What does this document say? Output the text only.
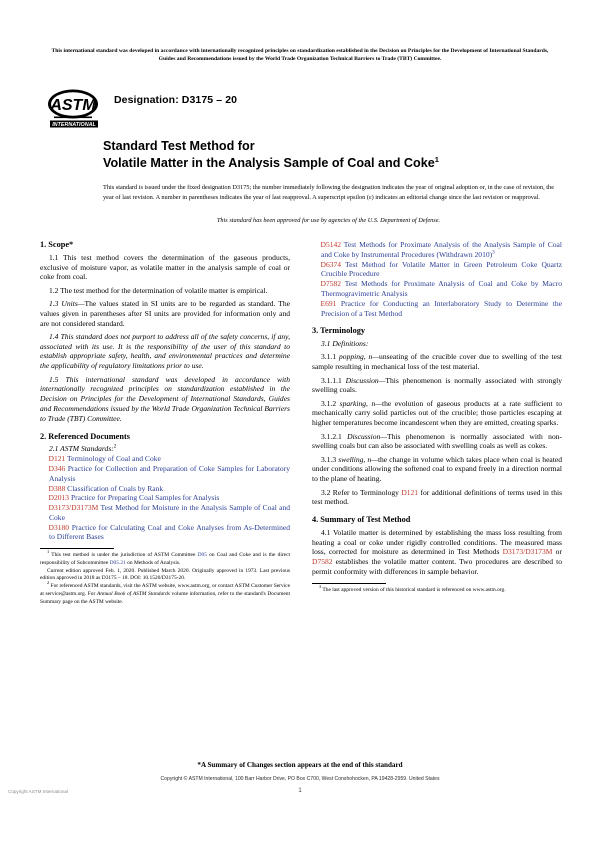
This international standard was developed in accordance with internationally recognized principles on standardization established in the Decision on Principles for the Development of International Standards, Guides and Recommendations issued by the World Trade Organization Technical Barriers to Trade (TBT) Committee.
ASTM
INTERNATIONAL
Designation: D3175 – 20
Standard Test Method for
Volatile Matter in the Analysis Sample of Coal and Coke$^1$
This standard is issued under the fixed designation D3175; the number immediately following the designation indicates the year of original adoption or, in the case of revision, the year of last revision. A number in parentheses indicates the year of last reapproval. A superscript epsilon (ε) indicates an editorial change since the last revision or reapproval.
This standard has been approved for use by agencies of the U.S. Department of Defense.
1. Scope*

1.1 This test method covers the determination of the gaseous products, exclusive of moisture vapor, as volatile matter in the analysis sample of coal or coke from coal.

1.2 The test method for the determination of volatile matter is empirical.

1.3 Units—The values stated in SI units are to be regarded as standard. The values given in parentheses after SI units are provided for information only and are not considered standard.

1.4 This standard does not purport to address all of the safety concerns, if any, associated with its use. It is the responsibility of the user of this standard to establish appropriate safety, health, and environmental practices and determine the applicability of regulatory limitations prior to use.

1.5 This international standard was developed in accordance with internationally recognized principles on standardization established in the Decision on Principles for the Development of International Standards, Guides and Recommendations issued by the World Trade Organization Technical Barriers to Trade (TBT) Committee.

2. Referenced Documents

2.1 ASTM Standards:$^2$

D121 Terminology of Coal and Coke

D346 Practice for Collection and Preparation of Coke Samples for Laboratory Analysis

D388 Classification of Coals by Rank

D2013 Practice for Preparing Coal Samples for Analysis

D3173/D3173M Test Method for Moisture in the Analysis Sample of Coal and Coke

D3180 Practice for Calculating Coal and Coke Analyses from As-Determined to Different Bases

$^1$ This test method is under the jurisdiction of ASTM Committee D05 on Coal and Coke and is the direct responsibility of Subcommittee D05.21 on Methods of Analysis.

Current edition approved Feb. 1, 2020. Published March 2020. Originally approved in 1973. Last previous edition approved in 2018 as D3175 – 18. DOI: 10.1520/D3175-20.

$^2$ For referenced ASTM standards, visit the ASTM website, www.astm.org, or contact ASTM Customer Service at service@astm.org. For Annual Book of ASTM Standards volume information, refer to the standard's Document Summary page on the ASTM website.

D5142 Test Methods for Proximate Analysis of the Analysis Sample of Coal and Coke by Instrumental Procedures (Withdrawn 2010)$^3$

D6374 Test Method for Volatile Matter in Green Petroleum Coke Quartz Crucible Procedure

D7582 Test Methods for Proximate Analysis of Coal and Coke by Macro Thermogravimetric Analysis

E691 Practice for Conducting an Interlaboratory Study to Determine the Precision of a Test Method

3. Terminology

3.1 Definitions:

3.1.1 popping, n—unseating of the crucible cover due to swelling of the test sample resulting in mechanical loss of the test material.

3.1.1.1 Discussion—This phenomenon is normally associated with strongly swelling coals.

3.1.2 sparking, n—the evolution of gaseous products at a rate sufficient to mechanically carry solid particles out of the crucible; those particles escaping at higher temperatures become incandescent when they are emitted, creating sparks.

3.1.2.1 Discussion—This phenomenon is normally associated with non-swelling coals but can also be associated with swelling coals as well as cokes.

3.1.3 swelling, n—the change in volume which takes place when coal is heated under conditions allowing the softened coal to expand freely in a direction normal to the plane of heating.

3.2 Refer to Terminology D121 for additional definitions of terms used in this test method.

4. Summary of Test Method

4.1 Volatile matter is determined by establishing the mass loss resulting from heating a coal or coke under rigidly controlled conditions. The measured mass loss, corrected for moisture as determined in Test Methods D3173/D3173M or D7582 establishes the volatile matter content. Two procedures are described to permit conformity with differences in sample behavior.

$^3$ The last approved version of this historical standard is referenced on www.astm.org.

*A Summary of Changes section appears at the end of this standard
Copyright © ASTM International, 100 Barr Harbor Drive, PO Box C700, West Conshohocken, PA 19428-2959. United States
Copyright ASTM International	1
